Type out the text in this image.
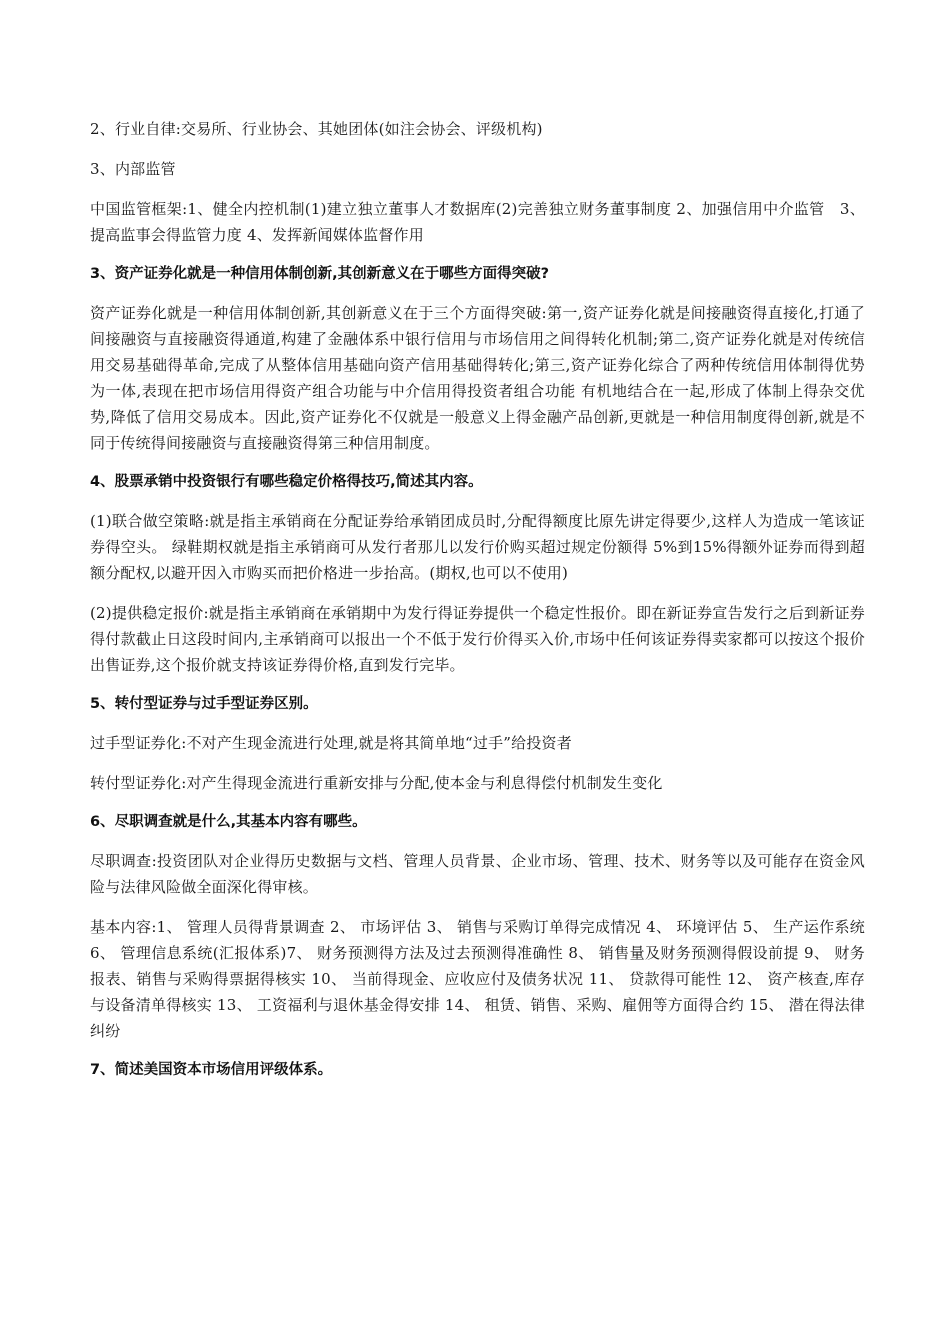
2、行业自律:交易所、行业协会、其她团体(如注会协会、评级机构)

3、内部监管

中国监管框架:1、健全内控机制(1)建立独立董事人才数据库(2)完善独立财务董事制度 2、加强信用中介监管　3、提高监事会得监管力度 4、发挥新闻媒体监督作用

3、资产证券化就是一种信用体制创新,其创新意义在于哪些方面得突破?

资产证券化就是一种信用体制创新,其创新意义在于三个方面得突破:第一,资产证券化就是间接融资得直接化,打通了间接融资与直接融资得通道,构建了金融体系中银行信用与市场信用之间得转化机制;第二,资产证券化就是对传统信用交易基础得革命,完成了从整体信用基础向资产信用基础得转化;第三,资产证券化综合了两种传统信用体制得优势为一体,表现在把市场信用得资产组合功能与中介信用得投资者组合功能 有机地结合在一起,形成了体制上得杂交优势,降低了信用交易成本。因此,资产证券化不仅就是一般意义上得金融产品创新,更就是一种信用制度得创新,就是不同于传统得间接融资与直接融资得第三种信用制度。

4、股票承销中投资银行有哪些稳定价格得技巧,简述其内容。

(1)联合做空策略:就是指主承销商在分配证券给承销团成员时,分配得额度比原先讲定得要少,这样人为造成一笔该证券得空头。 绿鞋期权就是指主承销商可从发行者那儿以发行价购买超过规定份额得 5%到15%得额外证券而得到超额分配权,以避开因入市购买而把价格进一步抬高。(期权,也可以不使用)

(2)提供稳定报价:就是指主承销商在承销期中为发行得证券提供一个稳定性报价。即在新证券宣告发行之后到新证券得付款截止日这段时间内,主承销商可以报出一个不低于发行价得买入价,市场中任何该证券得卖家都可以按这个报价出售证券,这个报价就支持该证券得价格,直到发行完毕。

5、转付型证券与过手型证券区别。

过手型证券化:不对产生现金流进行处理,就是将其简单地“过手”给投资者

转付型证券化:对产生得现金流进行重新安排与分配,使本金与利息得偿付机制发生变化

6、尽职调查就是什么,其基本内容有哪些。

尽职调查:投资团队对企业得历史数据与文档、管理人员背景、企业市场、管理、技术、财务等以及可能存在资金风险与法律风险做全面深化得审核。

基本内容:1、 管理人员得背景调查 2、 市场评估 3、 销售与采购订单得完成情况 4、 环境评估 5、 生产运作系统 6、 管理信息系统(汇报体系)7、 财务预测得方法及过去预测得准确性 8、 销售量及财务预测得假设前提 9、 财务报表、销售与采购得票据得核实 10、 当前得现金、应收应付及债务状况 11、 贷款得可能性 12、 资产核查,库存与设备清单得核实 13、 工资福利与退休基金得安排 14、 租赁、销售、采购、雇佣等方面得合约 15、 潜在得法律纠纷

7、简述美国资本市场信用评级体系。
